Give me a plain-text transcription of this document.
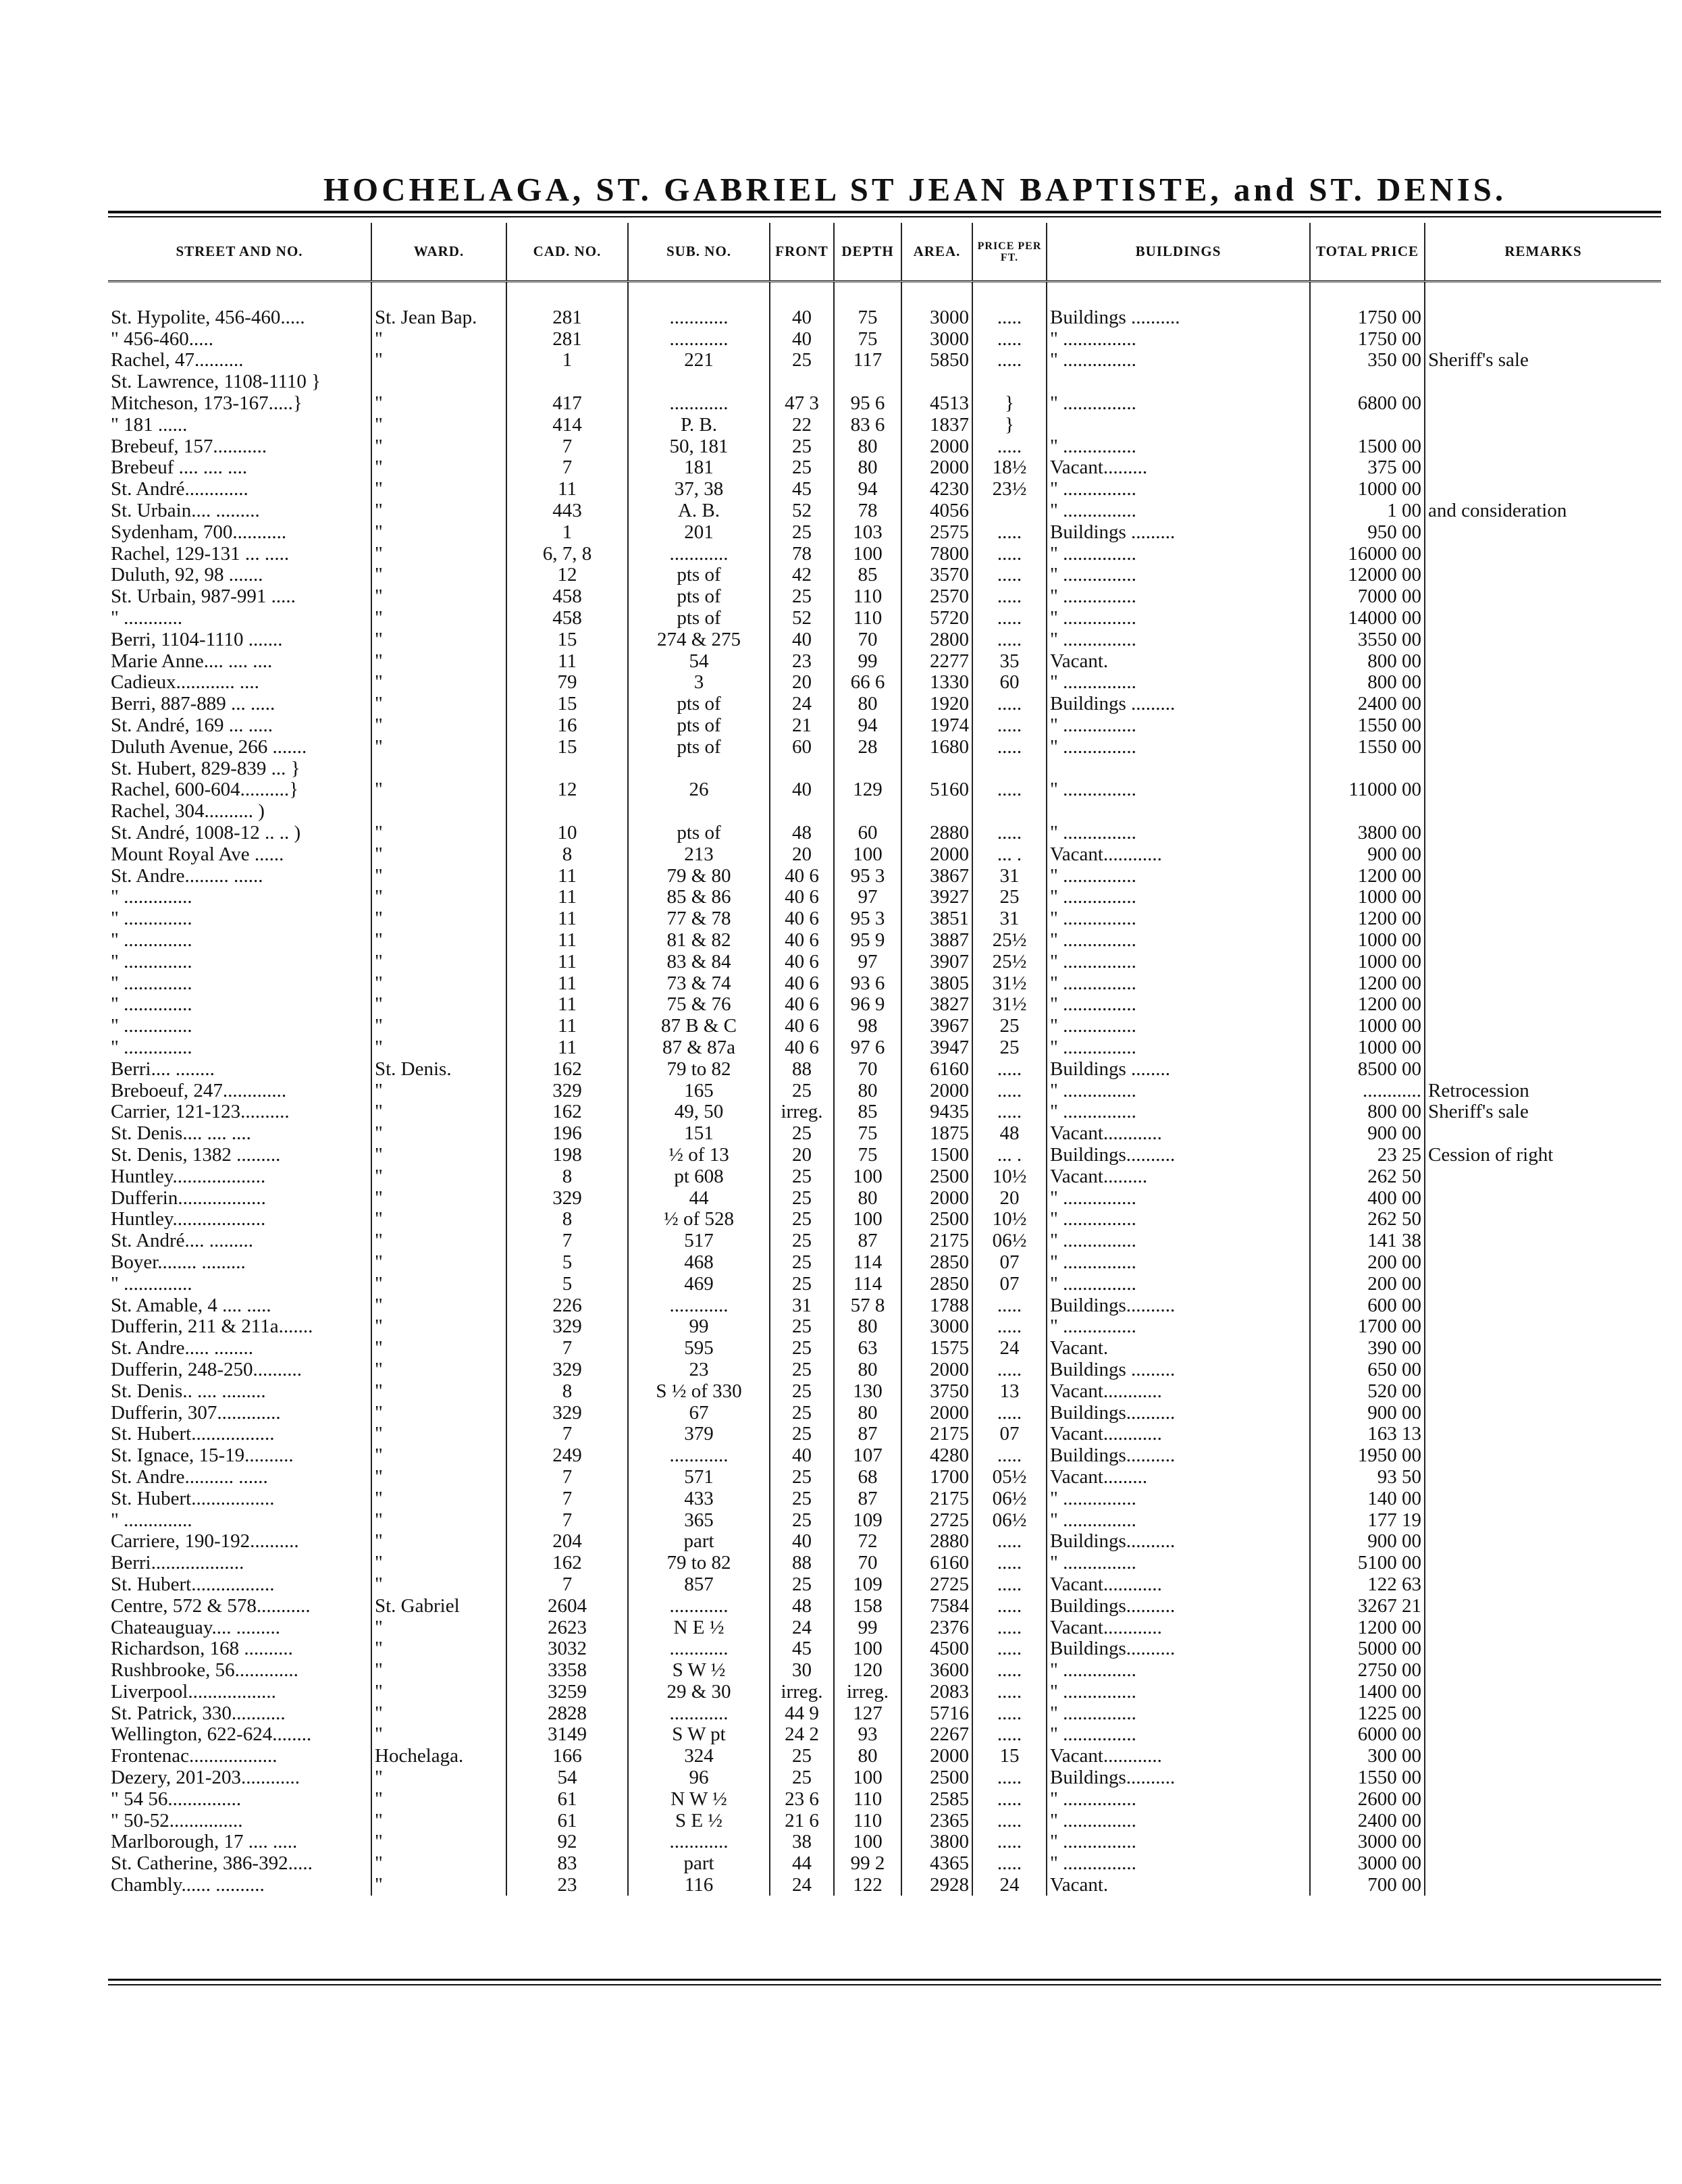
HOCHELAGA, ST. GABRIEL ST JEAN BAPTISTE, and ST. DENIS.
STREET AND NO.	WARD.	CAD. NO.	SUB. NO.	FRONT	DEPTH	AREA.	PRICE PER FT.	BUILDINGS	TOTAL PRICE	REMARKS

St. Hypolite, 456-460.....	St. Jean Bap.	281	............	40	75	3000	.....	Buildings ..........	1750 00	
" 456-460.....	"	281	............	40	75	3000	.....	" ...............	1750 00	
Rachel, 47..........	"	1	221	25	117	5850	.....	" ...............	350 00	Sheriff's sale
St. Lawrence, 1108-1110 }										
Mitcheson, 173-167.....}	"	417	............	47 3	95 6	4513	}	" ...............	6800 00	
" 181 ......	"	414	P. B.	22	83 6	1837	}			
Brebeuf, 157...........	"	7	50, 181	25	80	2000	.....	" ...............	1500 00	
Brebeuf .... .... ....	"	7	181	25	80	2000	18½	Vacant.........	375 00	
St. André.............	"	11	37, 38	45	94	4230	23½	" ...............	1000 00	
St. Urbain.... .........	"	443	A. B.	52	78	4056		" ...............	1 00	and consideration
Sydenham, 700...........	"	1	201	25	103	2575	.....	Buildings .........	950 00	
Rachel, 129-131 ... .....	"	6, 7, 8	............	78	100	7800	.....	" ...............	16000 00	
Duluth, 92, 98 .......	"	12	pts of	42	85	3570	.....	" ...............	12000 00	
St. Urbain, 987-991 .....	"	458	pts of	25	110	2570	.....	" ...............	7000 00	
" ............	"	458	pts of	52	110	5720	.....	" ...............	14000 00	
Berri, 1104-1110 .......	"	15	274 & 275	40	70	2800	.....	" ...............	3550 00	
Marie Anne.... .... ....	"	11	54	23	99	2277	35	Vacant.	800 00	
Cadieux............ ....	"	79	3	20	66 6	1330	60	" ...............	800 00	
Berri, 887-889 ... .....	"	15	pts of	24	80	1920	.....	Buildings .........	2400 00	
St. André, 169 ... .....	"	16	pts of	21	94	1974	.....	" ...............	1550 00	
Duluth Avenue, 266 .......	"	15	pts of	60	28	1680	.....	" ...............	1550 00	
St. Hubert, 829-839 ... }										
Rachel, 600-604..........}	"	12	26	40	129	5160	.....	" ...............	11000 00	
Rachel, 304.......... )										
St. André, 1008-12 .. .. )	"	10	pts of	48	60	2880	.....	" ...............	3800 00	
Mount Royal Ave ......	"	8	213	20	100	2000	... .	Vacant............	900 00	
St. Andre......... ......	"	11	79 & 80	40 6	95 3	3867	31	" ...............	1200 00	
" ..............	"	11	85 & 86	40 6	97	3927	25	" ...............	1000 00	
" ..............	"	11	77 & 78	40 6	95 3	3851	31	" ...............	1200 00	
" ..............	"	11	81 & 82	40 6	95 9	3887	25½	" ...............	1000 00	
" ..............	"	11	83 & 84	40 6	97	3907	25½	" ...............	1000 00	
" ..............	"	11	73 & 74	40 6	93 6	3805	31½	" ...............	1200 00	
" ..............	"	11	75 & 76	40 6	96 9	3827	31½	" ...............	1200 00	
" ..............	"	11	87 B & C	40 6	98	3967	25	" ...............	1000 00	
" ..............	"	11	87 & 87a	40 6	97 6	3947	25	" ...............	1000 00	
Berri.... ........	St. Denis.	162	79 to 82	88	70	6160	.....	Buildings ........	8500 00	
Breboeuf, 247.............	"	329	165	25	80	2000	.....	" ...............	............	Retrocession
Carrier, 121-123..........	"	162	49, 50	irreg.	85	9435	.....	" ...............	800 00	Sheriff's sale
St. Denis.... .... ....	"	196	151	25	75	1875	48	Vacant............	900 00	
St. Denis, 1382 .........	"	198	½ of 13	20	75	1500	... .	Buildings..........	23 25	Cession of right
Huntley...................	"	8	pt 608	25	100	2500	10½	Vacant.........	262 50	
Dufferin..................	"	329	44	25	80	2000	20	" ...............	400 00	
Huntley...................	"	8	½ of 528	25	100	2500	10½	" ...............	262 50	
St. André.... .........	"	7	517	25	87	2175	06½	" ...............	141 38	
Boyer........ .........	"	5	468	25	114	2850	07	" ...............	200 00	
" ..............	"	5	469	25	114	2850	07	" ...............	200 00	
St. Amable, 4 .... .....	"	226	............	31	57 8	1788	.....	Buildings..........	600 00	
Dufferin, 211 & 211a.......	"	329	99	25	80	3000	.....	" ...............	1700 00	
St. Andre..... ........	"	7	595	25	63	1575	24	Vacant.	390 00	
Dufferin, 248-250..........	"	329	23	25	80	2000	.....	Buildings .........	650 00	
St. Denis.. .... .........	"	8	S ½ of 330	25	130	3750	13	Vacant............	520 00	
Dufferin, 307.............	"	329	67	25	80	2000	.....	Buildings..........	900 00	
St. Hubert.................	"	7	379	25	87	2175	07	Vacant............	163 13	
St. Ignace, 15-19..........	"	249	............	40	107	4280	.....	Buildings..........	1950 00	
St. Andre.......... ......	"	7	571	25	68	1700	05½	Vacant.........	93 50	
St. Hubert.................	"	7	433	25	87	2175	06½	" ...............	140 00	
" ..............	"	7	365	25	109	2725	06½	" ...............	177 19	
Carriere, 190-192..........	"	204	part	40	72	2880	.....	Buildings..........	900 00	
Berri...................	"	162	79 to 82	88	70	6160	.....	" ...............	5100 00	
St. Hubert.................	"	7	857	25	109	2725	.....	Vacant............	122 63	
Centre, 572 & 578...........	St. Gabriel	2604	............	48	158	7584	.....	Buildings..........	3267 21	
Chateauguay.... .........	"	2623	N E ½	24	99	2376	.....	Vacant............	1200 00	
Richardson, 168 ..........	"	3032	............	45	100	4500	.....	Buildings..........	5000 00	
Rushbrooke, 56.............	"	3358	S W ½	30	120	3600	.....	" ...............	2750 00	
Liverpool..................	"	3259	29 & 30	irreg.	irreg.	2083	.....	" ...............	1400 00	
St. Patrick, 330...........	"	2828	............	44 9	127	5716	.....	" ...............	1225 00	
Wellington, 622-624........	"	3149	S W pt	24 2	93	2267	.....	" ...............	6000 00	
Frontenac..................	Hochelaga.	166	324	25	80	2000	15	Vacant............	300 00	
Dezery, 201-203............	"	54	96	25	100	2500	.....	Buildings..........	1550 00	
" 54 56...............	"	61	N W ½	23 6	110	2585	.....	" ...............	2600 00	
" 50-52...............	"	61	S E ½	21 6	110	2365	.....	" ...............	2400 00	
Marlborough, 17 .... .....	"	92	............	38	100	3800	.....	" ...............	3000 00	
St. Catherine, 386-392.....	"	83	part	44	99 2	4365	.....	" ...............	3000 00	
Chambly...... ..........	"	23	116	24	122	2928	24	Vacant.	700 00	
